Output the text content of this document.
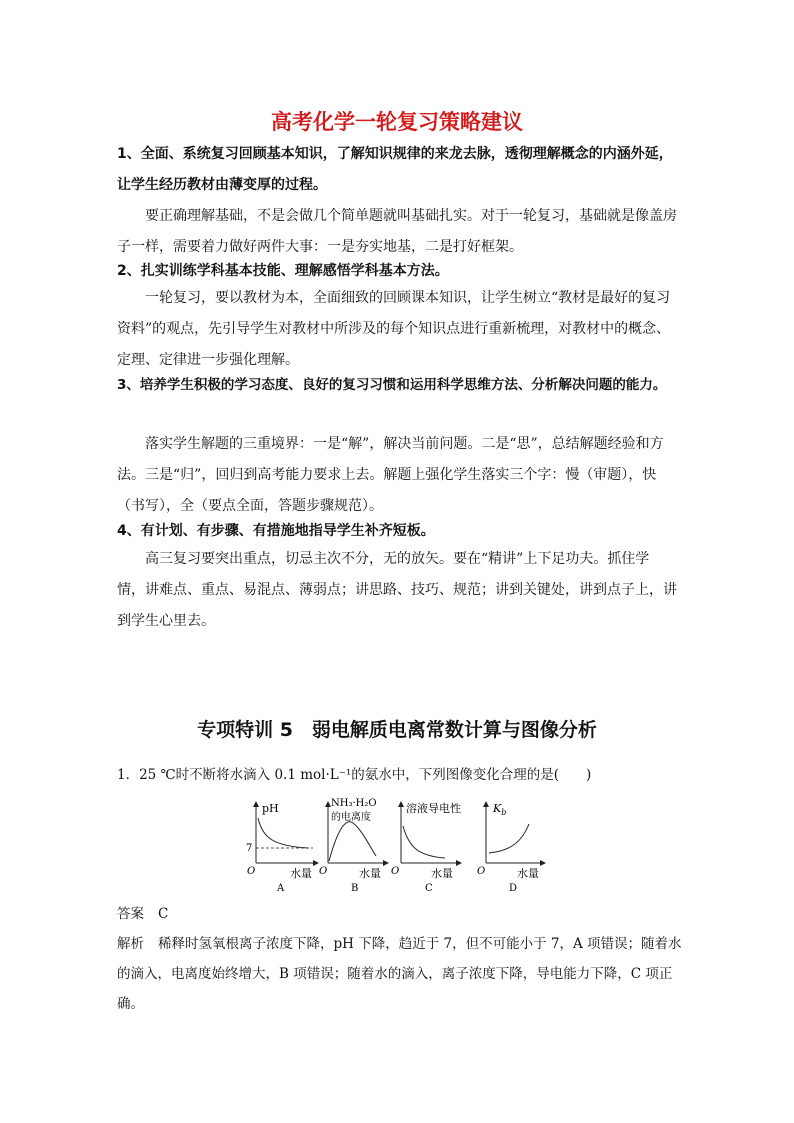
高考化学一轮复习策略建议
1、全面、系统复习回顾基本知识，了解知识规律的来龙去脉，透彻理解概念的内涵外延，让学生经历教材由薄变厚的过程。
要正确理解基础，不是会做几个简单题就叫基础扎实。对于一轮复习，基础就是像盖房子一样，需要着力做好两件大事：一是夯实地基，二是打好框架。
2、扎实训练学科基本技能、理解感悟学科基本方法。
一轮复习，要以教材为本，全面细致的回顾课本知识，让学生树立“教材是最好的复习资料”的观点，先引导学生对教材中所涉及的每个知识点进行重新梳理，对教材中的概念、定理、定律进一步强化理解。
3、培养学生积极的学习态度、良好的复习习惯和运用科学思维方法、分析解决问题的能力。
落实学生解题的三重境界：一是“解”，解决当前问题。二是“思”，总结解题经验和方法。三是“归”，回归到高考能力要求上去。解题上强化学生落实三个字：慢（审题），快（书写），全（要点全面，答题步骤规范）。
4、有计划、有步骤、有措施地指导学生补齐短板。
高三复习要突出重点，切忌主次不分，无的放矢。要在“精讲”上下足功夫。抓住学情，讲难点、重点、易混点、薄弱点；讲思路、技巧、规范；讲到关键处，讲到点子上，讲到学生心里去。
专项特训 5　弱电解质电离常数计算与图像分析
1．25 ℃时不断将水滴入 0.1 mol·L⁻¹的氨水中，下列图像变化合理的是(　　)
pH
7
O	水量
A
NH₃·H₂O
的电离度
O	水量
B
溶液导电性
O	水量
C
$K_b$
O	水量
D
答案 C
解析 稀释时氢氧根离子浓度下降，pH 下降，趋近于 7，但不可能小于 7，A 项错误；随着水的滴入，电离度始终增大，B 项错误；随着水的滴入，离子浓度下降，导电能力下降，C 项正确。
